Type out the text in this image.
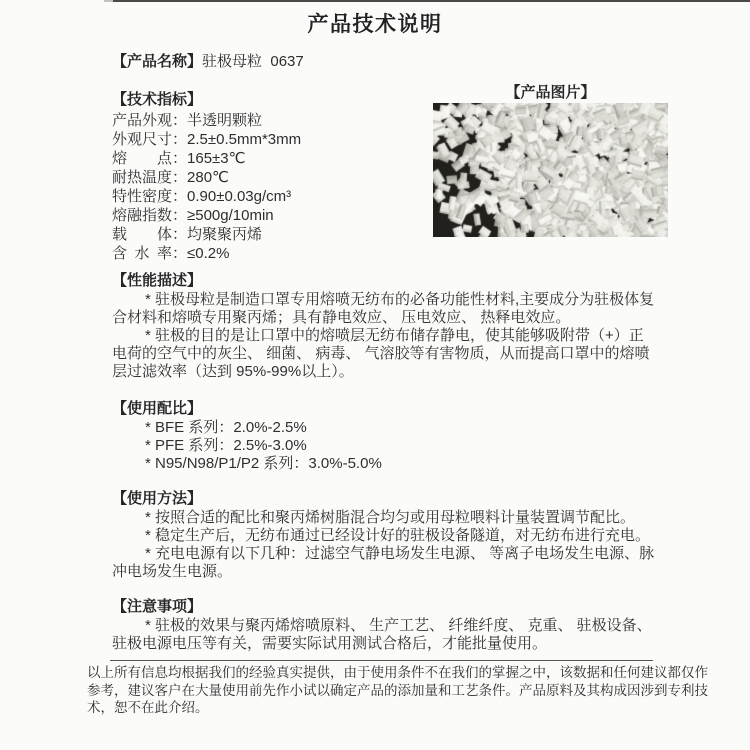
产品技术说明
【产品名称】驻极母粒  0637
【技术指标】
产品外观：半透明颗粒
外观尺寸：2.5±0.5mm*3mm
熔点：165±3℃
耐热温度：280℃
特性密度：0.90±0.03g/cm³
熔融指数：≥500g/10min
载体：均聚聚丙烯
含水率：≤0.2%
【性能描述】

* 驻极母粒是制造口罩专用熔喷无纺布的必备功能性材料,主要成分为驻极体复合材料和熔喷专用聚丙烯；具有静电效应、 压电效应、 热释电效应。

* 驻极的目的是让口罩中的熔喷层无纺布储存静电，使其能够吸附带（+）正电荷的空气中的灰尘、 细菌、 病毒、 气溶胶等有害物质，从而提高口罩中的熔喷层过滤效率（达到 95%-99%以上）。

【使用配比】
* BFE 系列：2.0%-2.5%
* PFE 系列：2.5%-3.0%
* N95/N98/P1/P2 系列：3.0%-5.0%
【使用方法】
* 按照合适的配比和聚丙烯树脂混合均匀或用母粒喂料计量装置调节配比。
* 稳定生产后，无纺布通过已经设计好的驻极设备隧道，对无纺布进行充电。
* 充电电源有以下几种：过滤空气静电场发生电源、 等离子电场发生电源、脉冲电场发生电源。
【注意事项】
* 驻极的效果与聚丙烯熔喷原料、 生产工艺、 纤维纤度、 克重、 驻极设备、驻极电源电压等有关，需要实际试用测试合格后，才能批量使用。
【产品图片】
以上所有信息均根据我们的经验真实提供，由于使用条件不在我们的掌握之中，该数据和任何建议都仅作参考，建议客户在大量使用前先作小试以确定产品的添加量和工艺条件。产品原料及其构成因涉到专利技术，恕不在此介绍。
